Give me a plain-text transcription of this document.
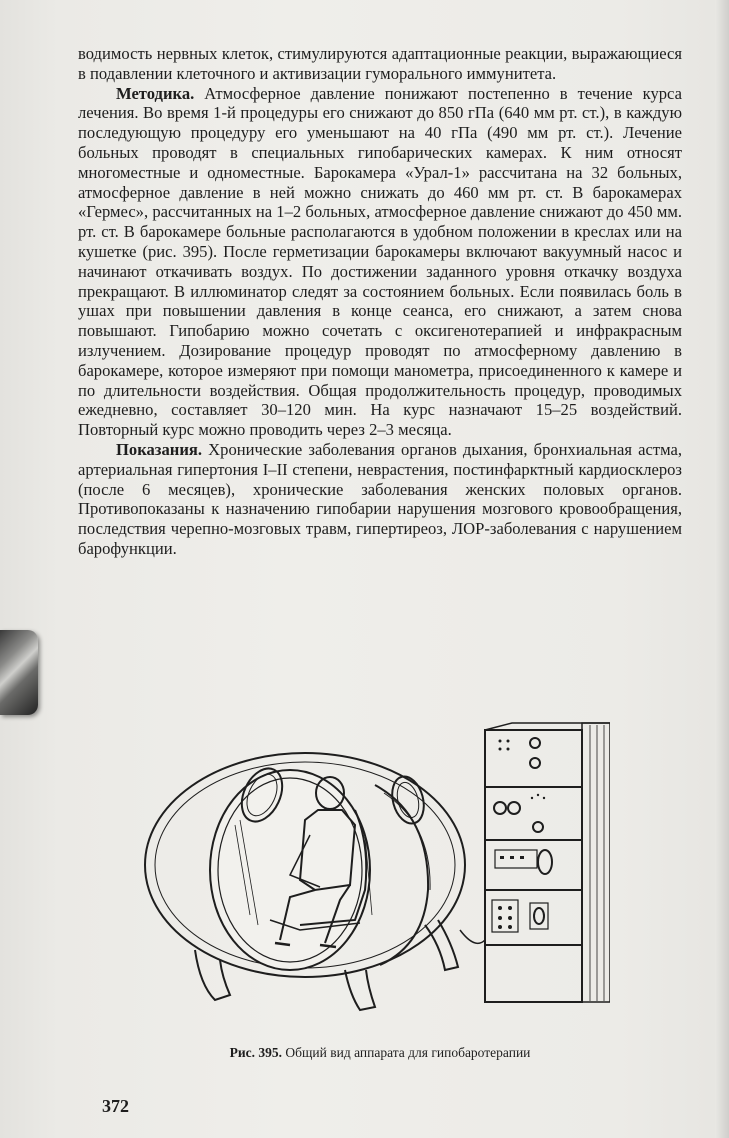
водимость нервных клеток, стимулируются адаптационные реакции, выражающиеся в подавлении клеточного и активизации гуморального иммунитета.

Методика. Атмосферное давление понижают постепенно в течение курса лечения. Во время 1-й процедуры его снижают до 850 гПа (640 мм рт. ст.), в каждую последующую процедуру его уменьшают на 40 гПа (490 мм рт. ст.). Лечение больных проводят в специальных гипобарических камерах. К ним относят многоместные и одноместные. Барокамера «Урал-1» рассчитана на 32 больных, атмосферное давление в ней можно снижать до 460 мм рт. ст. В барокамерах «Гермес», рассчитанных на 1–2 больных, атмосферное давление снижают до 450 мм. рт. ст. В барокамере больные располагаются в удобном положении в креслах или на кушетке (рис. 395). После герметизации барокамеры включают вакуумный насос и начинают откачивать воздух. По достижении заданного уровня откачку воздуха прекращают. В иллюминатор следят за состоянием больных. Если появилась боль в ушах при повышении давления в конце сеанса, его снижают, а затем снова повышают. Гипобарию можно сочетать с оксигенотерапией и инфракрасным излучением. Дозирование процедур проводят по атмосферному давлению в барокамере, которое измеряют при помощи манометра, присоединенного к камере и по длительности воздействия. Общая продолжительность процедур, проводимых ежедневно, составляет 30–120 мин. На курс назначают 15–25 воздействий. Повторный курс можно проводить через 2–3 месяца.

Показания. Хронические заболевания органов дыхания, бронхиальная астма, артериальная гипертония I–II степени, неврастения, постинфарктный кардиосклероз (после 6 месяцев), хронические заболевания женских половых органов. Противопоказаны к назначению гипобарии нарушения мозгового кровообращения, последствия черепно-мозговых травм, гипертиреоз, ЛОР-заболевания с нарушением барофункции.

Рис. 395. Общий вид аппарата для гипобаротерапии
372
